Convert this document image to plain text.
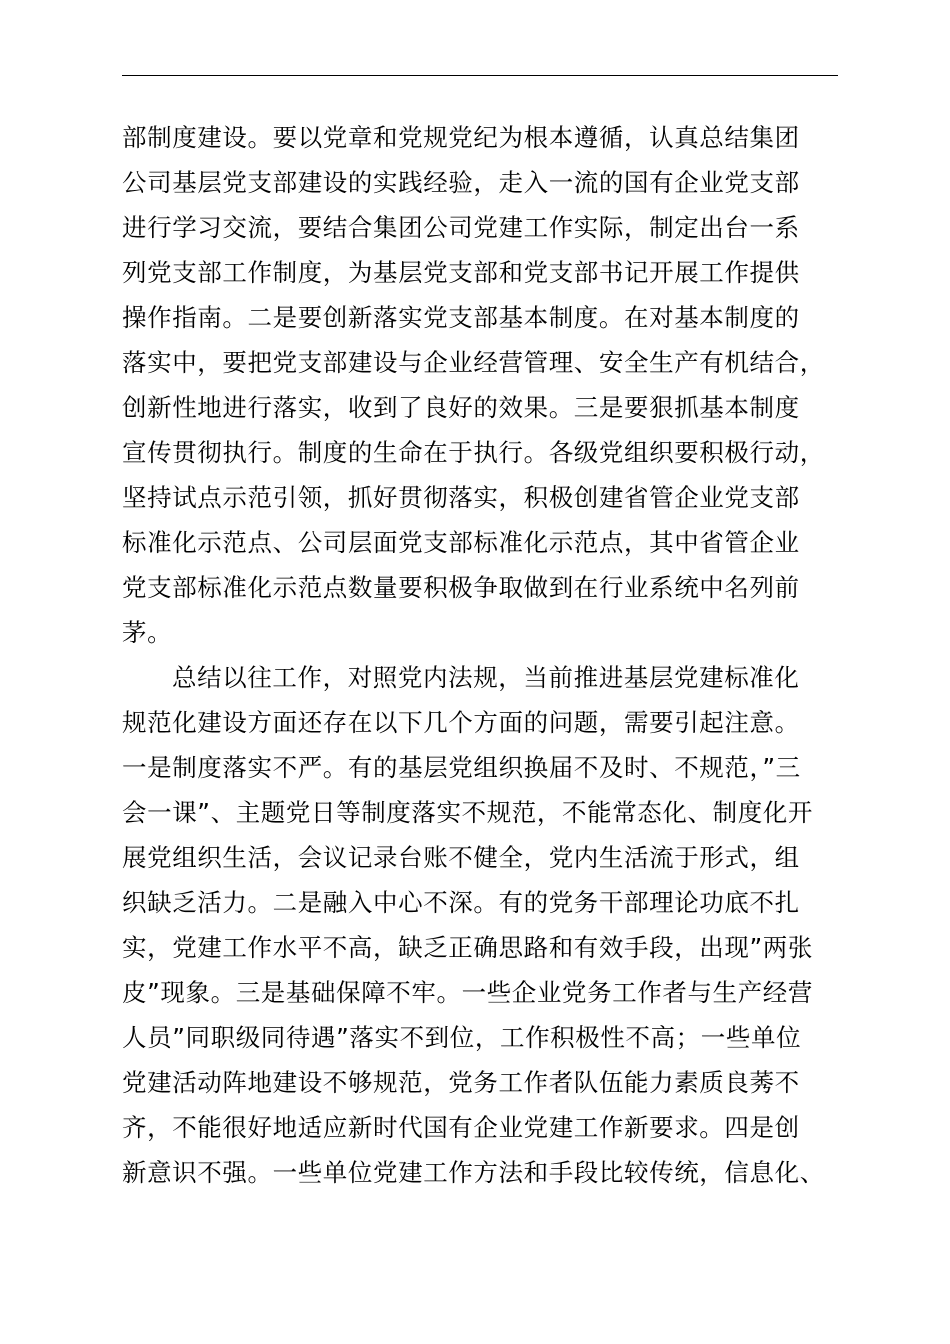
部制度建设。要以党章和党规党纪为根本遵循，认真总结集团
公司基层党支部建设的实践经验，走入一流的国有企业党支部
进行学习交流，要结合集团公司党建工作实际，制定出台一系
列党支部工作制度，为基层党支部和党支部书记开展工作提供
操作指南。二是要创新落实党支部基本制度。在对基本制度的
落实中，要把党支部建设与企业经营管理、安全生产有机结合，
创新性地进行落实，收到了良好的效果。三是要狠抓基本制度
宣传贯彻执行。制度的生命在于执行。各级党组织要积极行动，
坚持试点示范引领，抓好贯彻落实，积极创建省管企业党支部
标准化示范点、公司层面党支部标准化示范点，其中省管企业
党支部标准化示范点数量要积极争取做到在行业系统中名列前
茅。
总结以往工作，对照党内法规，当前推进基层党建标准化
规范化建设方面还存在以下几个方面的问题，需要引起注意。
一是制度落实不严。有的基层党组织换届不及时、不规范，”三
会一课”、主题党日等制度落实不规范，不能常态化、制度化开
展党组织生活，会议记录台账不健全，党内生活流于形式，组
织缺乏活力。二是融入中心不深。有的党务干部理论功底不扎
实，党建工作水平不高，缺乏正确思路和有效手段，出现”两张
皮”现象。三是基础保障不牢。一些企业党务工作者与生产经营
人员”同职级同待遇”落实不到位，工作积极性不高；一些单位
党建活动阵地建设不够规范，党务工作者队伍能力素质良莠不
齐，不能很好地适应新时代国有企业党建工作新要求。四是创
新意识不强。一些单位党建工作方法和手段比较传统，信息化、
